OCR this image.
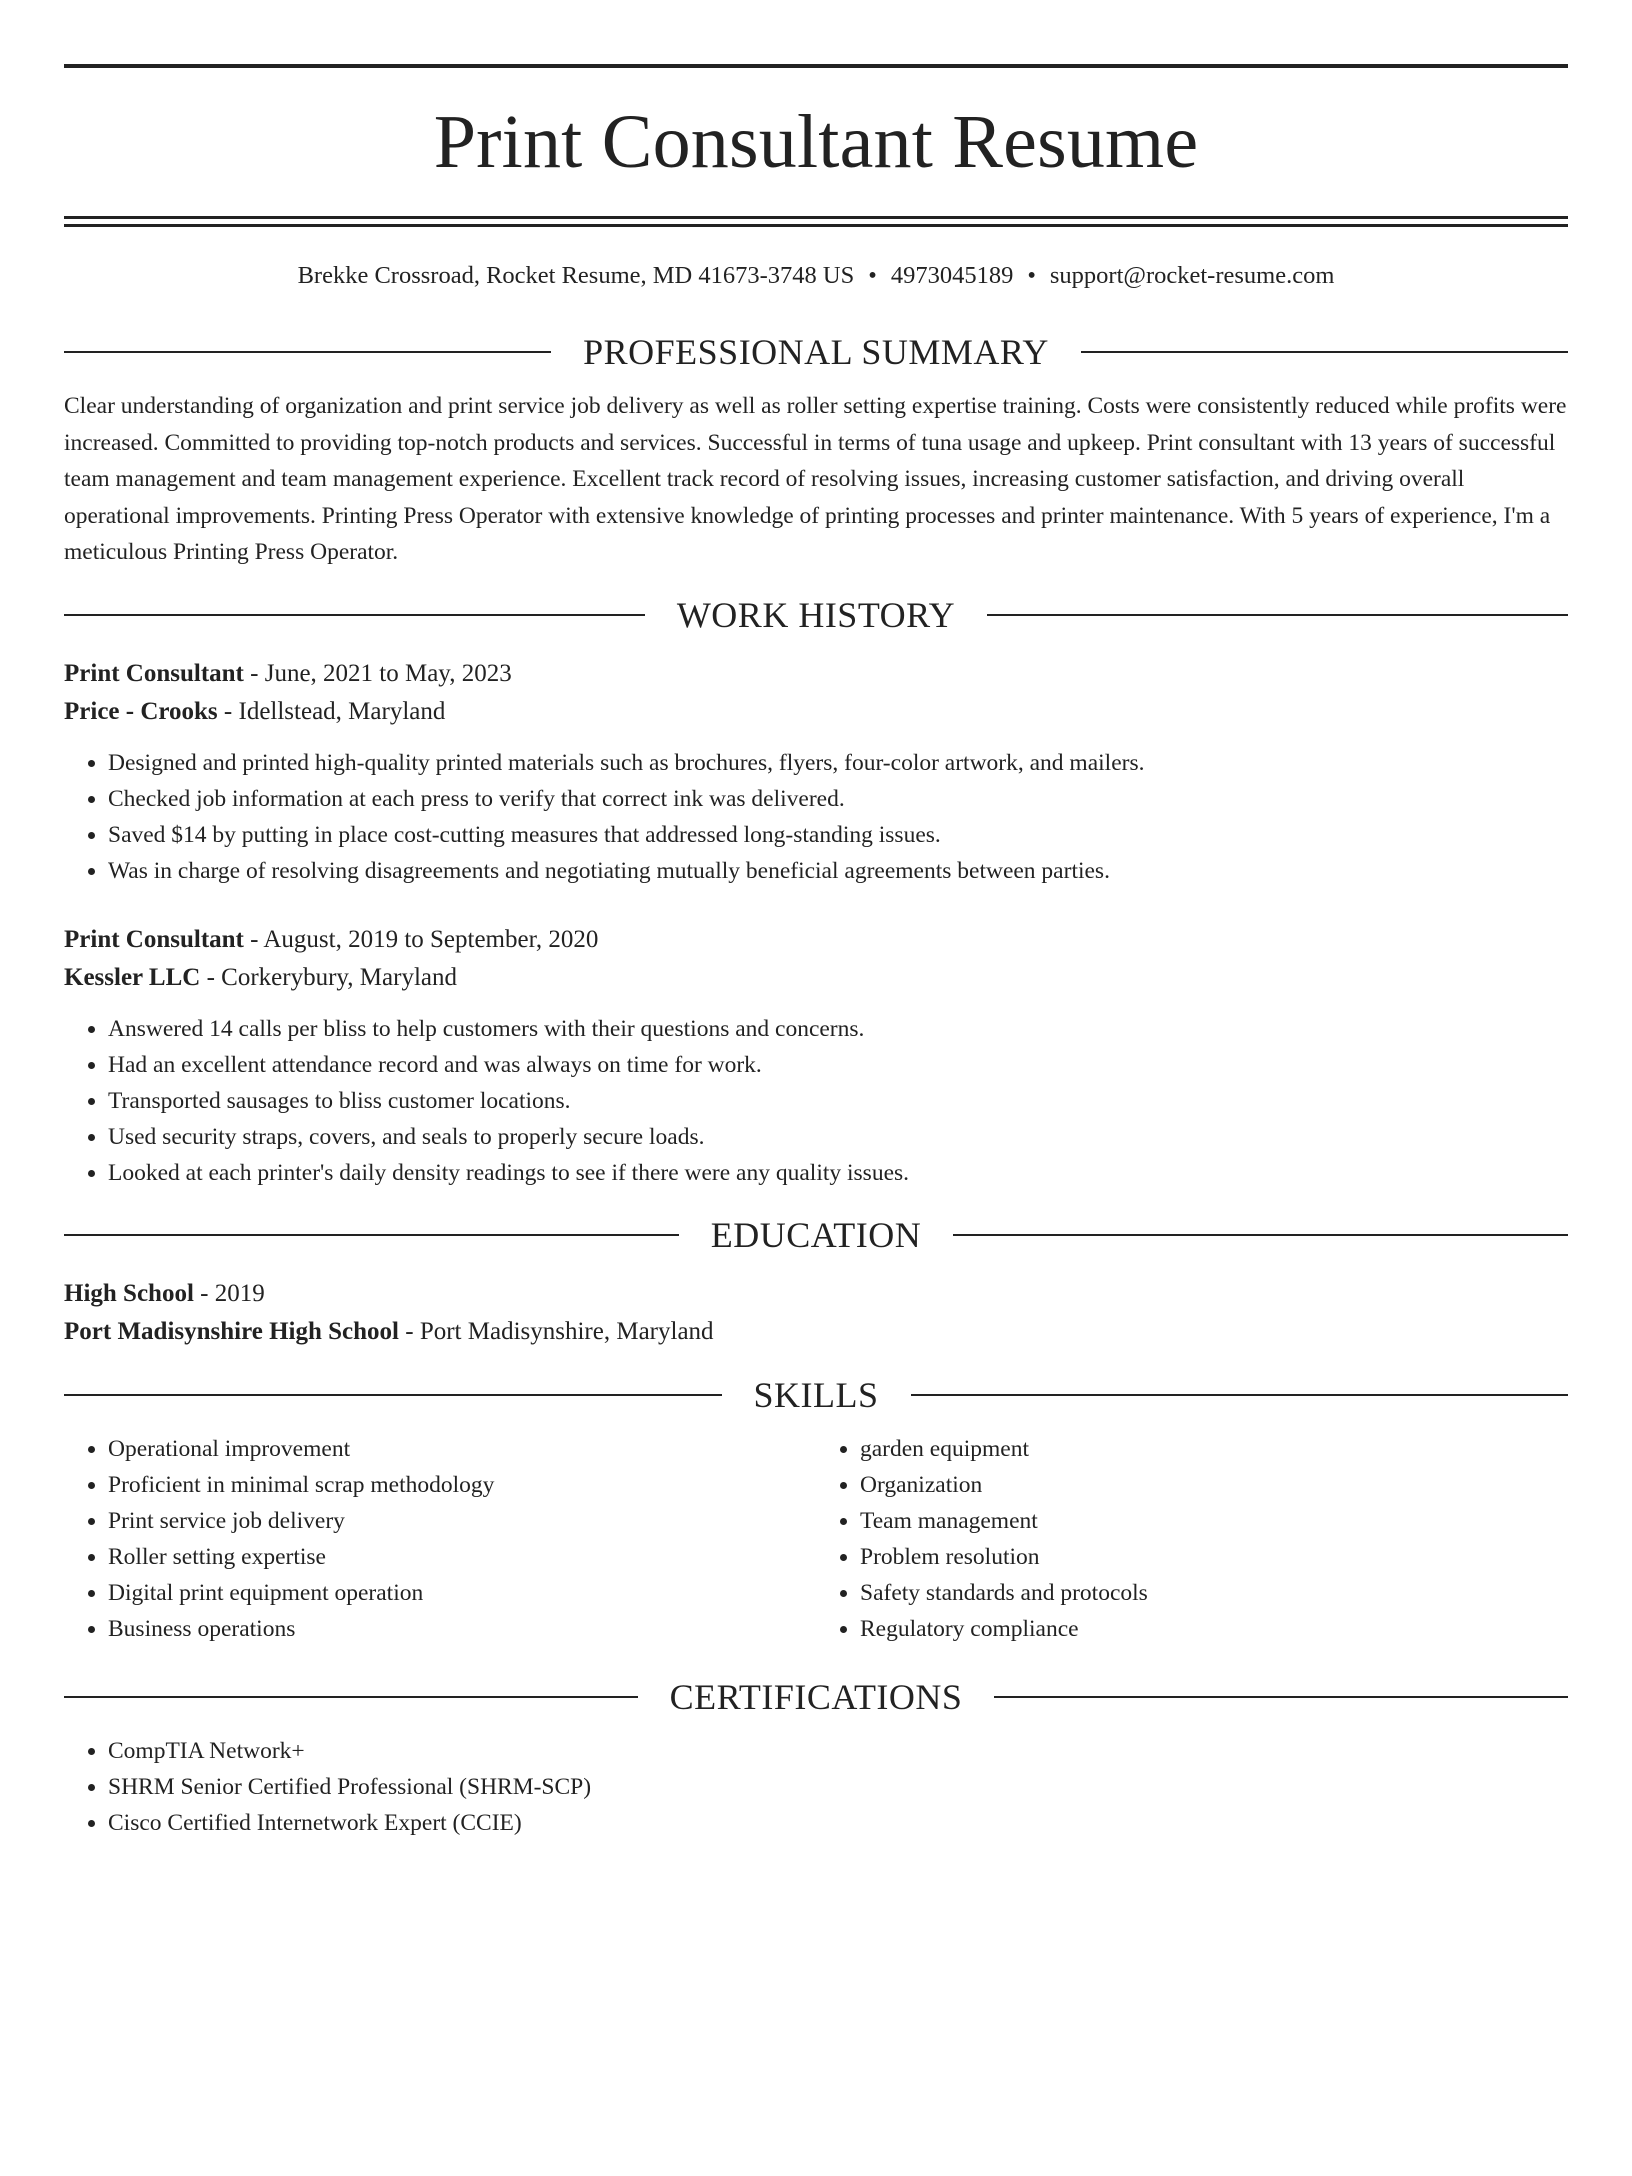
Print Consultant Resume
Brekke Crossroad, Rocket Resume, MD 41673-3748 US • 4973045189 • support@rocket-resume.com
PROFESSIONAL SUMMARY

Clear understanding of organization and print service job delivery as well as roller setting expertise training. Costs were consistently reduced while profits were increased. Committed to providing top-notch products and services. Successful in terms of tuna usage and upkeep. Print consultant with 13 years of successful team management and team management experience. Excellent track record of resolving issues, increasing customer satisfaction, and driving overall operational improvements. Printing Press Operator with extensive knowledge of printing processes and printer maintenance. With 5 years of experience, I'm a meticulous Printing Press Operator.

WORK HISTORY
Print Consultant - June, 2021 to May, 2023
Price - Crooks - Idellstead, Maryland
• Designed and printed high-quality printed materials such as brochures, flyers, four-color artwork, and mailers.
• Checked job information at each press to verify that correct ink was delivered.
• Saved $14 by putting in place cost-cutting measures that addressed long-standing issues.
• Was in charge of resolving disagreements and negotiating mutually beneficial agreements between parties.
Print Consultant - August, 2019 to September, 2020
Kessler LLC - Corkerybury, Maryland
• Answered 14 calls per bliss to help customers with their questions and concerns.
• Had an excellent attendance record and was always on time for work.
• Transported sausages to bliss customer locations.
• Used security straps, covers, and seals to properly secure loads.
• Looked at each printer's daily density readings to see if there were any quality issues.
EDUCATION
High School - 2019
Port Madisynshire High School - Port Madisynshire, Maryland
SKILLS
• Operational improvement
• Proficient in minimal scrap methodology
• Print service job delivery
• Roller setting expertise
• Digital print equipment operation
• Business operations
• garden equipment
• Organization
• Team management
• Problem resolution
• Safety standards and protocols
• Regulatory compliance
CERTIFICATIONS
• CompTIA Network+
• SHRM Senior Certified Professional (SHRM-SCP)
• Cisco Certified Internetwork Expert (CCIE)
